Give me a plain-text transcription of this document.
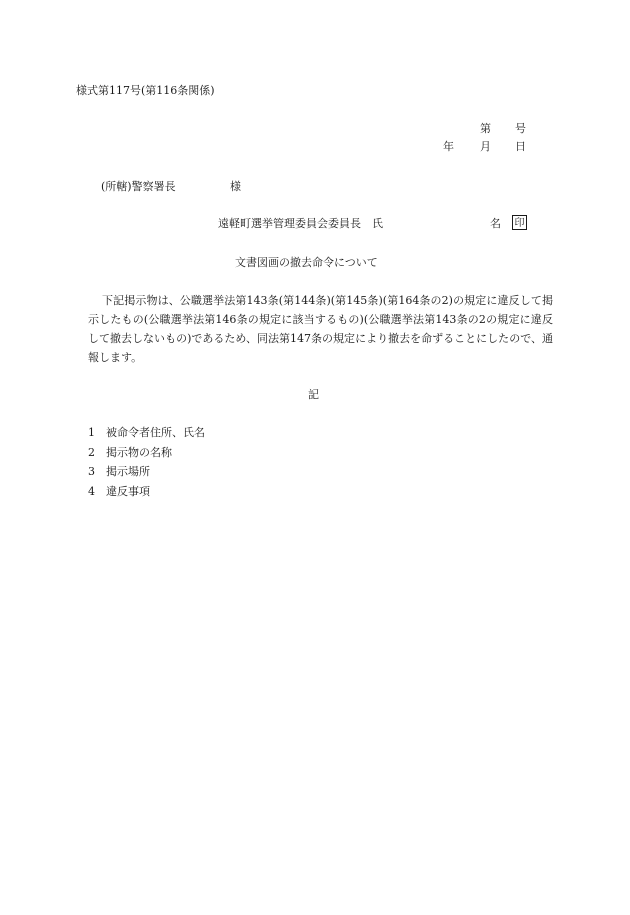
様式第117号(第116条関係)
第 号
年 月 日
(所轄)警察署長	様
遠軽町選挙管理委員会委員長　氏	名 印
文書図画の撤去命令について
下記掲示物は、公職選挙法第143条(第144条)(第145条)(第164条の2)の規定に違反して掲示したもの(公職選挙法第146条の規定に該当するもの)(公職選挙法第143条の2の規定に違反して撤去しないもの)であるため、同法第147条の規定により撤去を命ずることにしたので、通報します。
記
1 被命令者住所、氏名
2 掲示物の名称
3 掲示場所
4 違反事項
